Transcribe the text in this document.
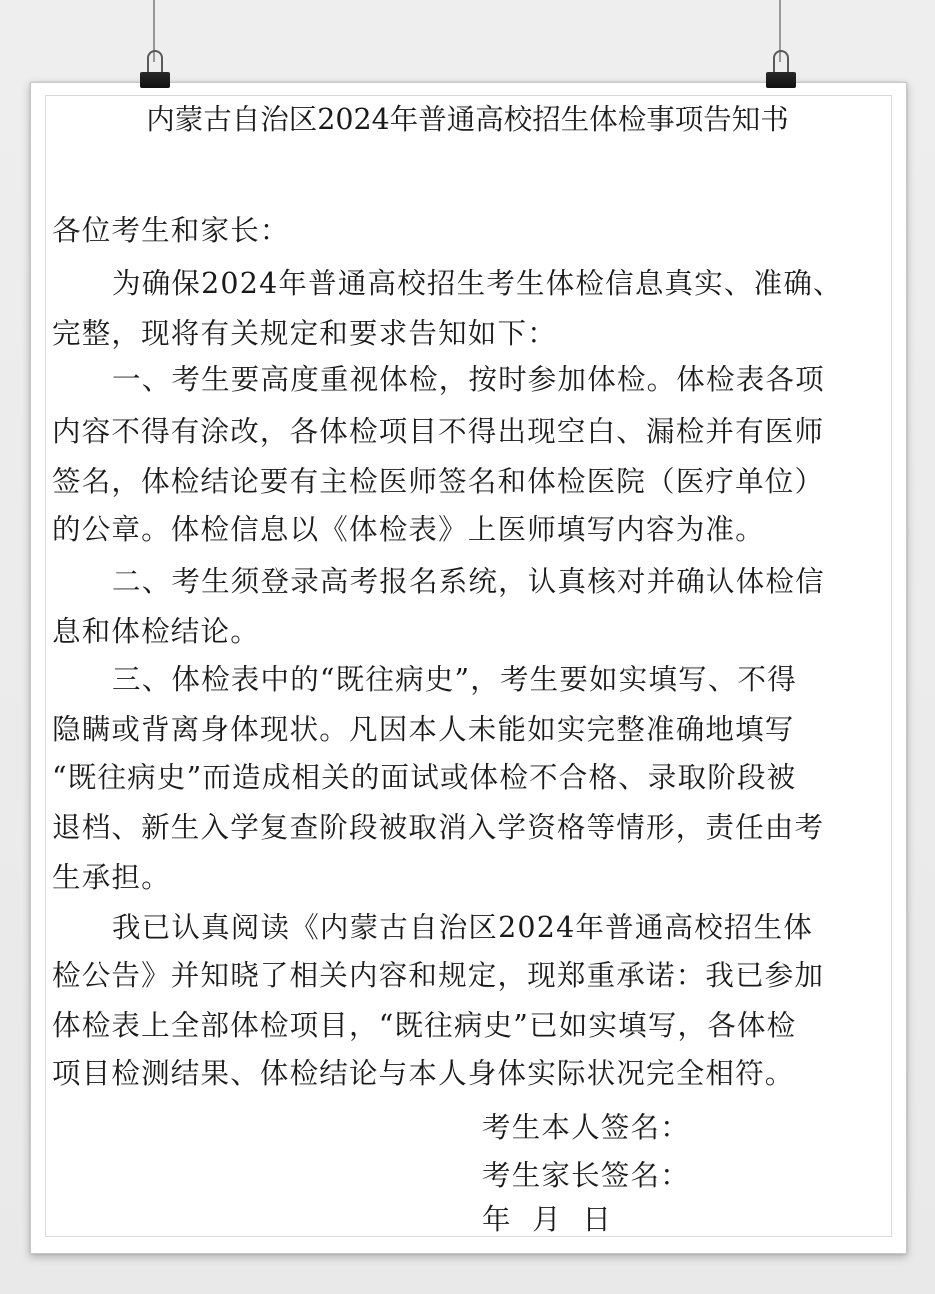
内蒙古自治区2024年普通高校招生体检事项告知书
各位考生和家长：
为确保2024年普通高校招生考生体检信息真实、准确、
完整，现将有关规定和要求告知如下：
一、考生要高度重视体检，按时参加体检。体检表各项
内容不得有涂改，各体检项目不得出现空白、漏检并有医师
签名，体检结论要有主检医师签名和体检医院（医疗单位）
的公章。体检信息以《体检表》上医师填写内容为准。
二、考生须登录高考报名系统，认真核对并确认体检信
息和体检结论。
三、体检表中的“既往病史”，考生要如实填写、不得
隐瞒或背离身体现状。凡因本人未能如实完整准确地填写
“既往病史”而造成相关的面试或体检不合格、录取阶段被
退档、新生入学复查阶段被取消入学资格等情形，责任由考
生承担。
我已认真阅读《内蒙古自治区2024年普通高校招生体
检公告》并知晓了相关内容和规定，现郑重承诺：我已参加
体检表上全部体检项目，“既往病史”已如实填写，各体检
项目检测结果、体检结论与本人身体实际状况完全相符。
考生本人签名：
考生家长签名：
年  月  日
